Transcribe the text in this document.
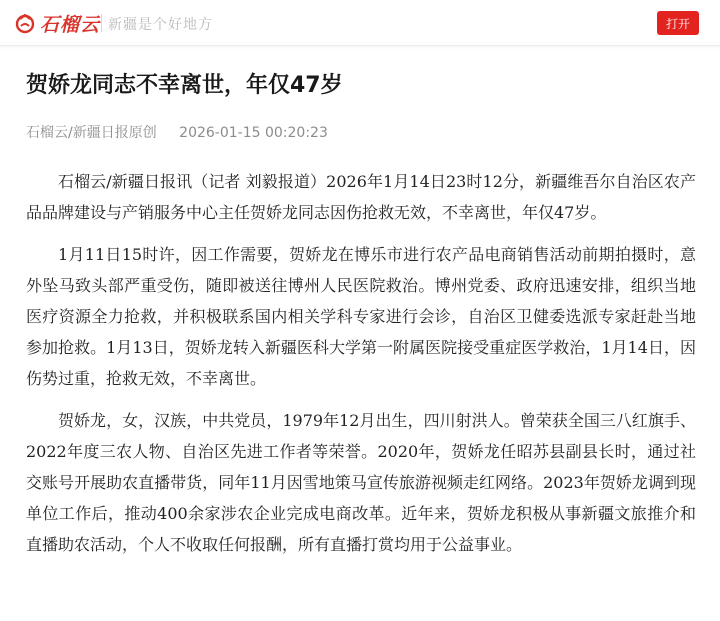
石榴云 新疆是个好地方	打开
贺娇龙同志不幸离世，年仅47岁
石榴云/新疆日报原创 2026-01-15 00:20:23

石榴云/新疆日报讯（记者 刘毅报道）2026年1月14日23时12分，新疆维吾尔自治区农产品品牌建设与产销服务中心主任贺娇龙同志因伤抢救无效，不幸离世，年仅47岁。

1月11日15时许，因工作需要，贺娇龙在博乐市进行农产品电商销售活动前期拍摄时，意外坠马致头部严重受伤，随即被送往博州人民医院救治。博州党委、政府迅速安排，组织当地医疗资源全力抢救，并积极联系国内相关学科专家进行会诊，自治区卫健委选派专家赶赴当地参加抢救。1月13日，贺娇龙转入新疆医科大学第一附属医院接受重症医学救治，1月14日，因伤势过重，抢救无效，不幸离世。

贺娇龙，女，汉族，中共党员，1979年12月出生，四川射洪人。曾荣获全国三八红旗手、2022年度三农人物、自治区先进工作者等荣誉。2020年，贺娇龙任昭苏县副县长时，通过社交账号开展助农直播带货，同年11月因雪地策马宣传旅游视频走红网络。2023年贺娇龙调到现单位工作后，推动400余家涉农企业完成电商改革。近年来，贺娇龙积极从事新疆文旅推介和直播助农活动，个人不收取任何报酬，所有直播打赏均用于公益事业。
